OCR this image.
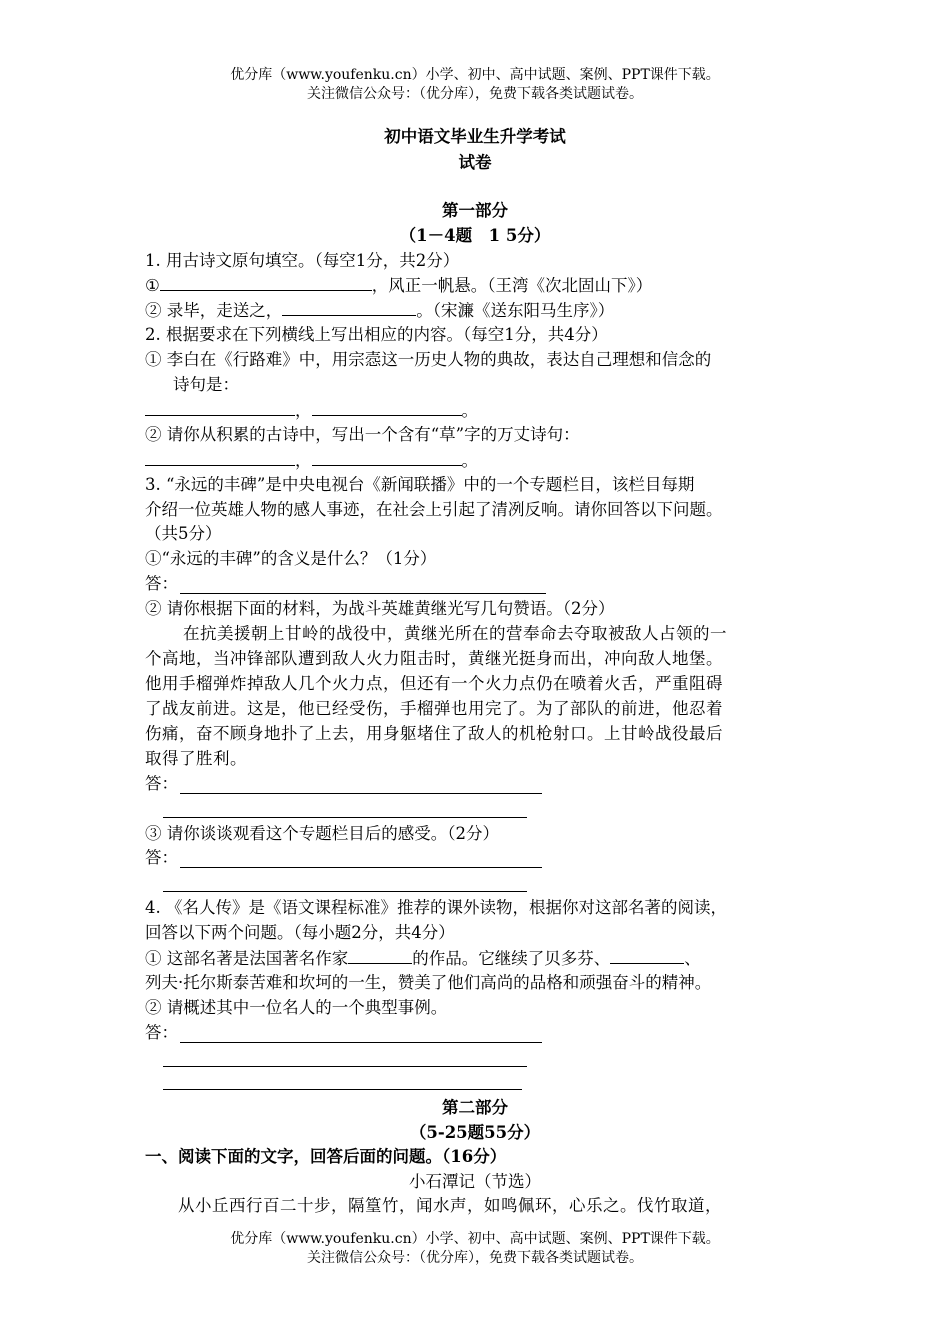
优分库（www.youfenku.cn）小学、初中、高中试题、案例、PPT课件下载。
关注微信公众号：（优分库），免费下载各类试题试卷。
初中语文毕业生升学考试
试卷
第一部分
（1－4题　1 5分）
1. 用古诗文原句填空。（每空1分，共2分）
①	，风正一帆悬。（王湾《次北固山下》）
② 录毕，走送之，	。（宋濂《送东阳马生序》）
2. 根据要求在下列横线上写出相应的内容。（每空1分，共4分）
① 李白在《行路难》中，用宗悫这一历史人物的典故，表达自己理想和信念的
诗句是：
，	。
② 请你从积累的古诗中，写出一个含有“草”字的万丈诗句：
，	。
3. “永远的丰碑”是中央电视台《新闻联播》中的一个专题栏目，该栏目每期
介绍一位英雄人物的感人事迹，在社会上引起了清冽反响。请你回答以下问题。
（共5分）
①“永远的丰碑”的含义是什么？（1分）
答：
② 请你根据下面的材料，为战斗英雄黄继光写几句赞语。（2分）
在抗美援朝上甘岭的战役中，黄继光所在的营奉命去夺取被敌人占领的一
个高地，当冲锋部队遭到敌人火力阻击时，黄继光挺身而出，冲向敌人地堡。
他用手榴弹炸掉敌人几个火力点，但还有一个火力点仍在喷着火舌，严重阻碍
了战友前进。这是，他已经受伤，手榴弹也用完了。为了部队的前进，他忍着
伤痛，奋不顾身地扑了上去，用身躯堵住了敌人的机枪射口。上甘岭战役最后
取得了胜利。
答：
③ 请你谈谈观看这个专题栏目后的感受。（2分）
答：
4. 《名人传》是《语文课程标准》推荐的课外读物，根据你对这部名著的阅读，
回答以下两个问题。（每小题2分，共4分）
① 这部名著是法国著名作家	的作品。它继续了贝多芬、	、
列夫·托尔斯泰苦难和坎坷的一生，赞美了他们高尚的品格和顽强奋斗的精神。
② 请概述其中一位名人的一个典型事例。
答：
第二部分
（5-25题55分）
一、阅读下面的文字，回答后面的问题。（16分）
小石潭记（节选）
从小丘西行百二十步，隔篁竹，闻水声，如鸣佩环，心乐之。伐竹取道，
优分库（www.youfenku.cn）小学、初中、高中试题、案例、PPT课件下载。
关注微信公众号：（优分库），免费下载各类试题试卷。
